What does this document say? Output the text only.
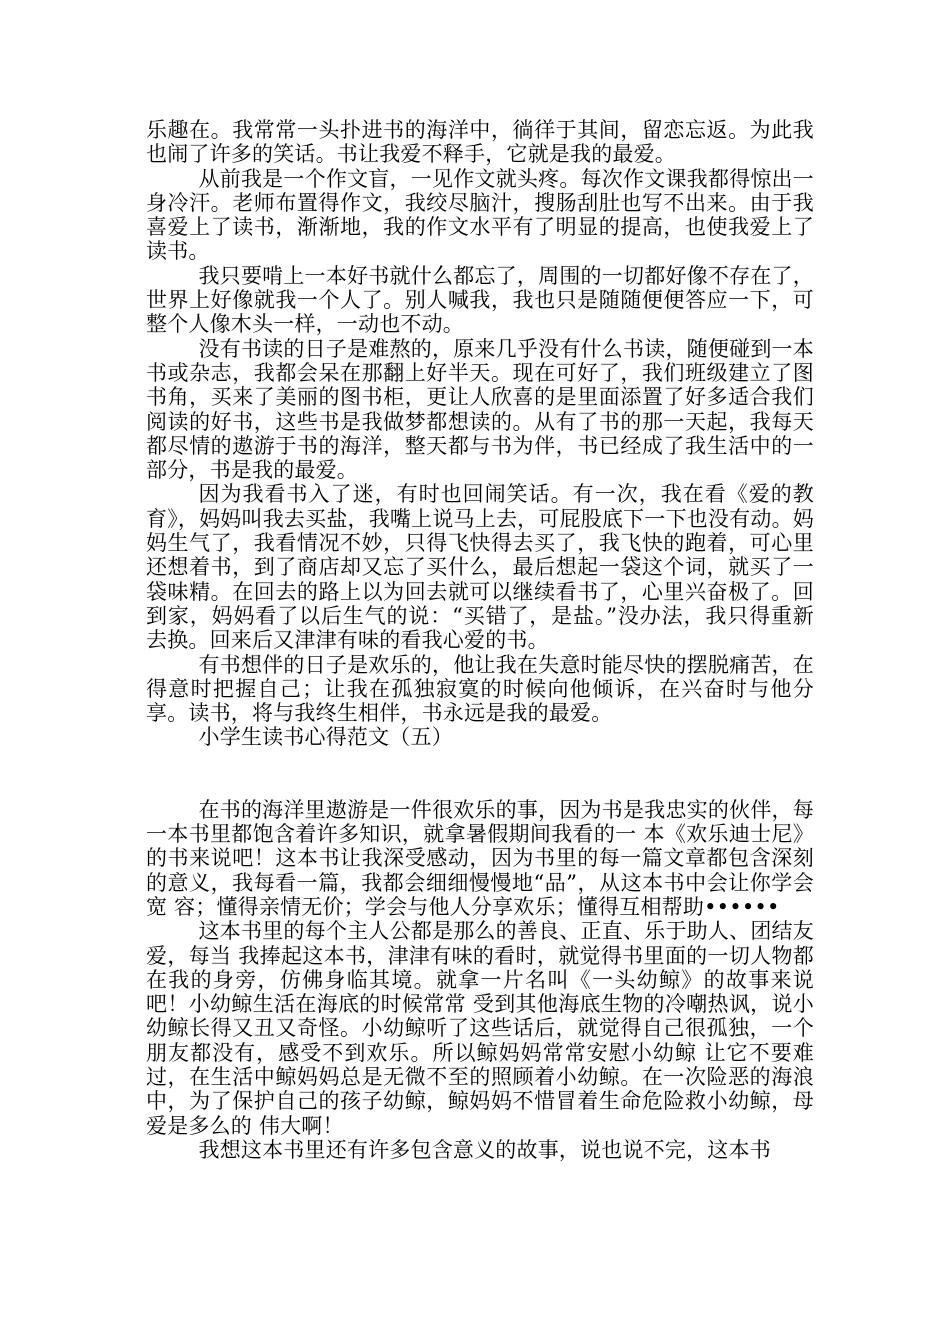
乐趣在。我常常一头扑进书的海洋中，徜徉于其间，留恋忘返。为此我也闹了许多的笑话。书让我爱不释手，它就是我的最爱。

从前我是一个作文盲，一见作文就头疼。每次作文课我都得惊出一身冷汗。老师布置得作文，我绞尽脑汁，搜肠刮肚也写不出来。由于我喜爱上了读书，渐渐地，我的作文水平有了明显的提高，也使我爱上了读书。

我只要啃上一本好书就什么都忘了，周围的一切都好像不存在了，世界上好像就我一个人了。别人喊我，我也只是随随便便答应一下，可整个人像木头一样，一动也不动。

没有书读的日子是难熬的，原来几乎没有什么书读，随便碰到一本书或杂志，我都会呆在那翻上好半天。现在可好了，我们班级建立了图书角，买来了美丽的图书柜，更让人欣喜的是里面添置了好多适合我们阅读的好书，这些书是我做梦都想读的。从有了书的那一天起，我每天都尽情的遨游于书的海洋，整天都与书为伴，书已经成了我生活中的一部分，书是我的最爱。

因为我看书入了迷，有时也回闹笑话。有一次，我在看《爱的教育》，妈妈叫我去买盐，我嘴上说马上去，可屁股底下一下也没有动。妈妈生气了，我看情况不妙，只得飞快得去买了，我飞快的跑着，可心里还想着书，到了商店却又忘了买什么，最后想起一袋这个词，就买了一袋味精。在回去的路上以为回去就可以继续看书了，心里兴奋极了。回到家，妈妈看了以后生气的说：“买错了，是盐。”没办法，我只得重新去换。回来后又津津有味的看我心爱的书。

有书想伴的日子是欢乐的，他让我在失意时能尽快的摆脱痛苦，在得意时把握自己；让我在孤独寂寞的时候向他倾诉，在兴奋时与他分享。读书，将与我终生相伴，书永远是我的最爱。

小学生读书心得范文（五）

在书的海洋里遨游是一件很欢乐的事，因为书是我忠实的伙伴，每一本书里都饱含着许多知识，就拿暑假期间我看的一 本《欢乐迪士尼》的书来说吧！这本书让我深受感动，因为书里的每一篇文章都包含深刻的意义，我每看一篇，我都会细细慢慢地“品”，从这本书中会让你学会宽 容；懂得亲情无价；学会与他人分享欢乐；懂得互相帮助••••••

这本书里的每个主人公都是那么的善良、正直、乐于助人、团结友爱，每当 我捧起这本书，津津有味的看时，就觉得书里面的一切人物都在我的身旁，仿佛身临其境。就拿一片名叫《一头幼鲸》的故事来说吧！小幼鲸生活在海底的时候常常 受到其他海底生物的冷嘲热讽，说小幼鲸长得又丑又奇怪。小幼鲸听了这些话后，就觉得自己很孤独，一个朋友都没有，感受不到欢乐。所以鲸妈妈常常安慰小幼鲸 让它不要难过，在生活中鲸妈妈总是无微不至的照顾着小幼鲸。在一次险恶的海浪中，为了保护自己的孩子幼鲸，鲸妈妈不惜冒着生命危险救小幼鲸，母爱是多么的 伟大啊！

我想这本书里还有许多包含意义的故事，说也说不完，这本书
